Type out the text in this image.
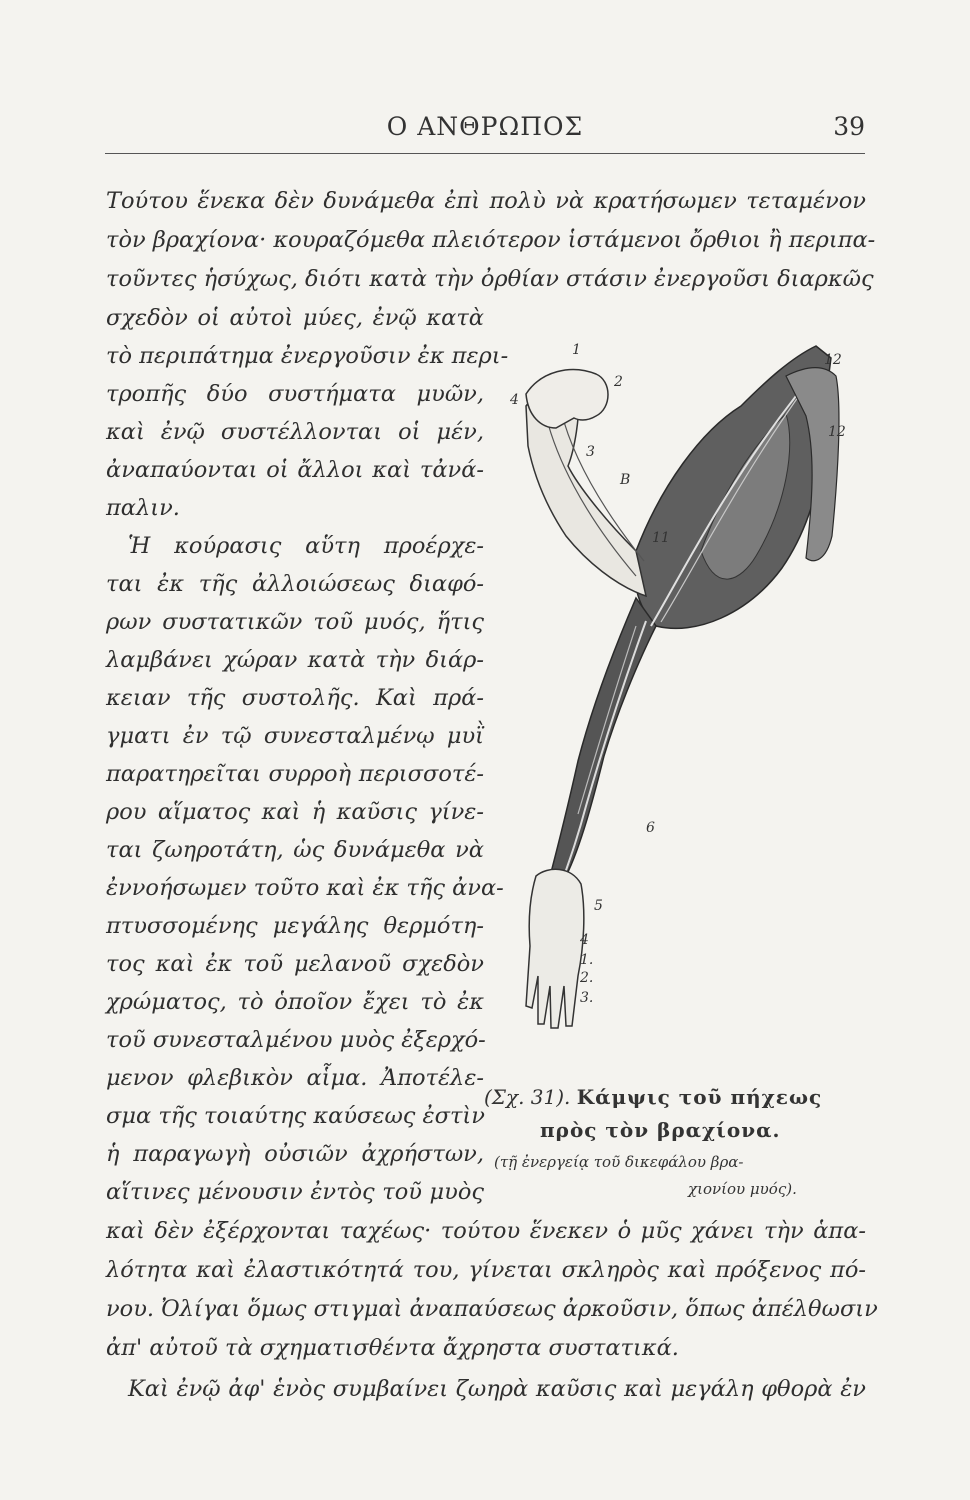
Ο ΑΝΘΡΩΠΟΣ	39
Τούτου ἕνεκα δὲν δυνάμεθα ἐπὶ πολὺ νὰ κρατήσωμεν τεταμένον
τὸν βραχίονα· κουραζόμεθα πλειότερον ἱστάμενοι ὄρθιοι ἢ περιπα-
τοῦντες ἡσύχως, διότι κατὰ τὴν ὀρθίαν στάσιν ἐνεργοῦσι διαρκῶς
σχεδὸν οἱ αὐτοὶ μύες, ἐνῷ κατὰ
τὸ περιπάτημα ἐνεργοῦσιν ἐκ περι-
τροπῆς δύο συστήματα μυῶν,
καὶ ἐνῷ συστέλλονται οἱ μέν,
ἀναπαύονται οἱ ἄλλοι καὶ τἀνά-
παλιν.
Ἡ κούρασις αὕτη προέρχε-
ται ἐκ τῆς ἀλλοιώσεως διαφό-
ρων συστατικῶν τοῦ μυός, ἥτις
λαμβάνει χώραν κατὰ τὴν διάρ-
κειαν τῆς συστολῆς. Καὶ πρά-
γματι ἐν τῷ συνεσταλμένῳ μυῒ
παρατηρεῖται συρροὴ περισσοτέ-
ρου αἵματος καὶ ἡ καῦσις γίνε-
ται ζωηροτάτη, ὡς δυνάμεθα νὰ
ἐννοήσωμεν τοῦτο καὶ ἐκ τῆς ἀνα-
πτυσσομένης μεγάλης θερμότη-
τος καὶ ἐκ τοῦ μελανοῦ σχεδὸν
χρώματος, τὸ ὁποῖον ἔχει τὸ ἐκ
τοῦ συνεσταλμένου μυὸς ἐξερχό-
μενον φλεβικὸν αἷμα. Ἀποτέλε-
σμα τῆς τοιαύτης καύσεως ἐστὶν
ἡ παραγωγὴ οὐσιῶν ἀχρήστων,
αἵτινες μένουσιν ἐντὸς τοῦ μυὸς
καὶ δὲν ἐξέρχονται ταχέως· τούτου ἕνεκεν ὁ μῦς χάνει τὴν ἁπα-
λότητα καὶ ἐλαστικότητά του, γίνεται σκληρὸς καὶ πρόξενος πό-
νου. Ὀλίγαι ὅμως στιγμαὶ ἀναπαύσεως ἀρκοῦσιν, ὅπως ἀπέλθωσιν
ἀπ' αὐτοῦ τὰ σχηματισθέντα ἄχρηστα συστατικά.
Καὶ ἐνῷ ἀφ' ἑνὸς συμβαίνει ζωηρὰ καῦσις καὶ μεγάλη φθορὰ ἐν
1
2
3
4
B
12
12
11
6
5
4
1.
2.
3.
(Σχ. 31). Κάμψις τοῦ πήχεως
πρὸς τὸν βραχίονα.
(τῇ ἐνεργείᾳ τοῦ δικεφάλου βρα-
χιονίου μυός).
